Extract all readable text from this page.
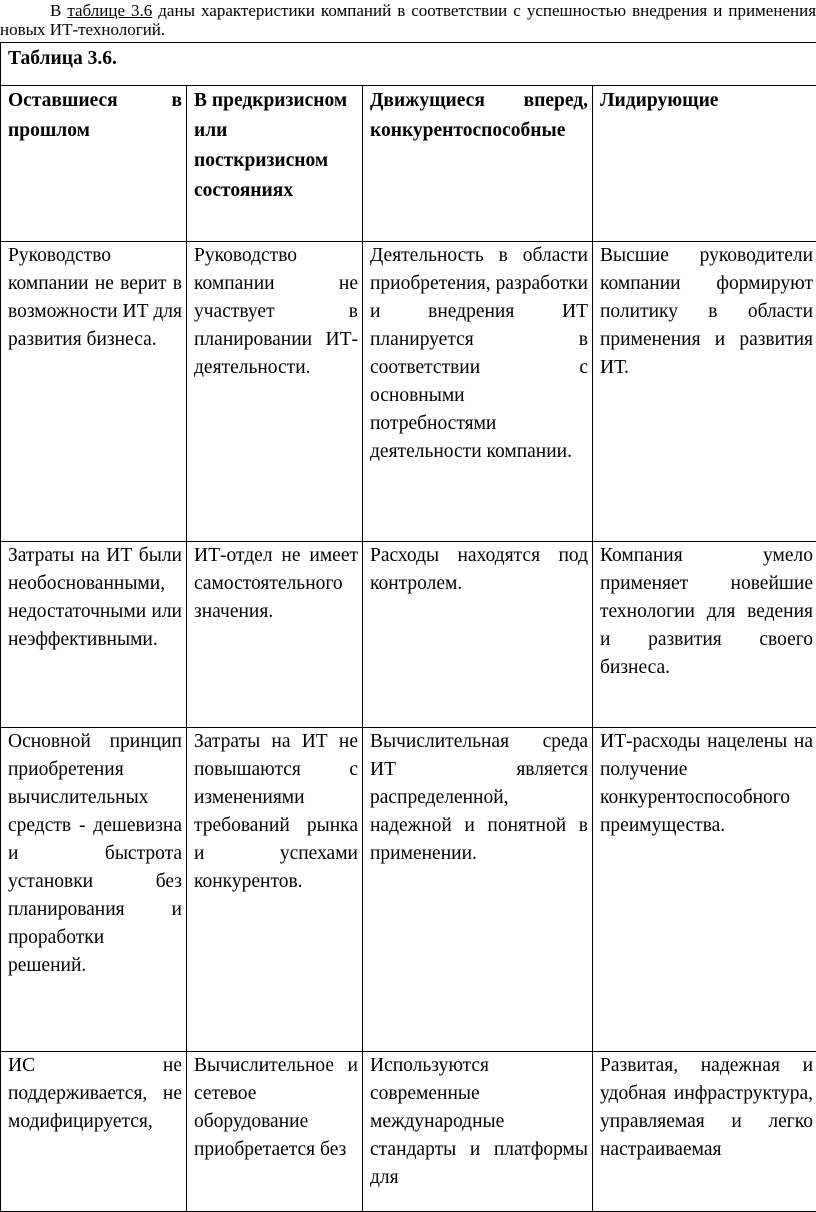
В таблице 3.6 даны характеристики компаний в соответствии с успешностью внедрения и применения новых ИТ-технологий.
Таблица 3.6.			
Оставшиеся в прошлом	В предкризисном или посткризисном состояниях	Движущиеся вперед, конкурентоспособные	Лидирующие
Руководство компании не верит в возможности ИТ для развития бизнеса.	Руководство компании не участвует в планировании ИТ-деятельности.	Деятельность в области приобретения, разработки и внедрения ИТ планируется в соответствии с основными потребностями деятельности компании.	Высшие руководители компании формируют политику в области применения и развития ИТ.
Затраты на ИТ были необоснованными, недостаточными или неэффективными.	ИТ-отдел не имеет самостоятельного значения.	Расходы находятся под контролем.	Компания умело применяет новейшие технологии для ведения и развития своего бизнеса.
Основной принцип приобретения вычислительных средств - дешевизна и быстрота установки без планирования и проработки решений.	Затраты на ИТ не повышаются с изменениями требований рынка и успехами конкурентов.	Вычислительная среда ИТ является распределенной, надежной и понятной в применении.	ИТ-расходы нацелены на получение конкурентоспособного преимущества.
ИС не поддерживается, не модифицируется,	Вычислительное и сетевое оборудование приобретается без	Используются современные международные стандарты и платформы для	Развитая, надежная и удобная инфраструктура, управляемая и легко настраиваемая
